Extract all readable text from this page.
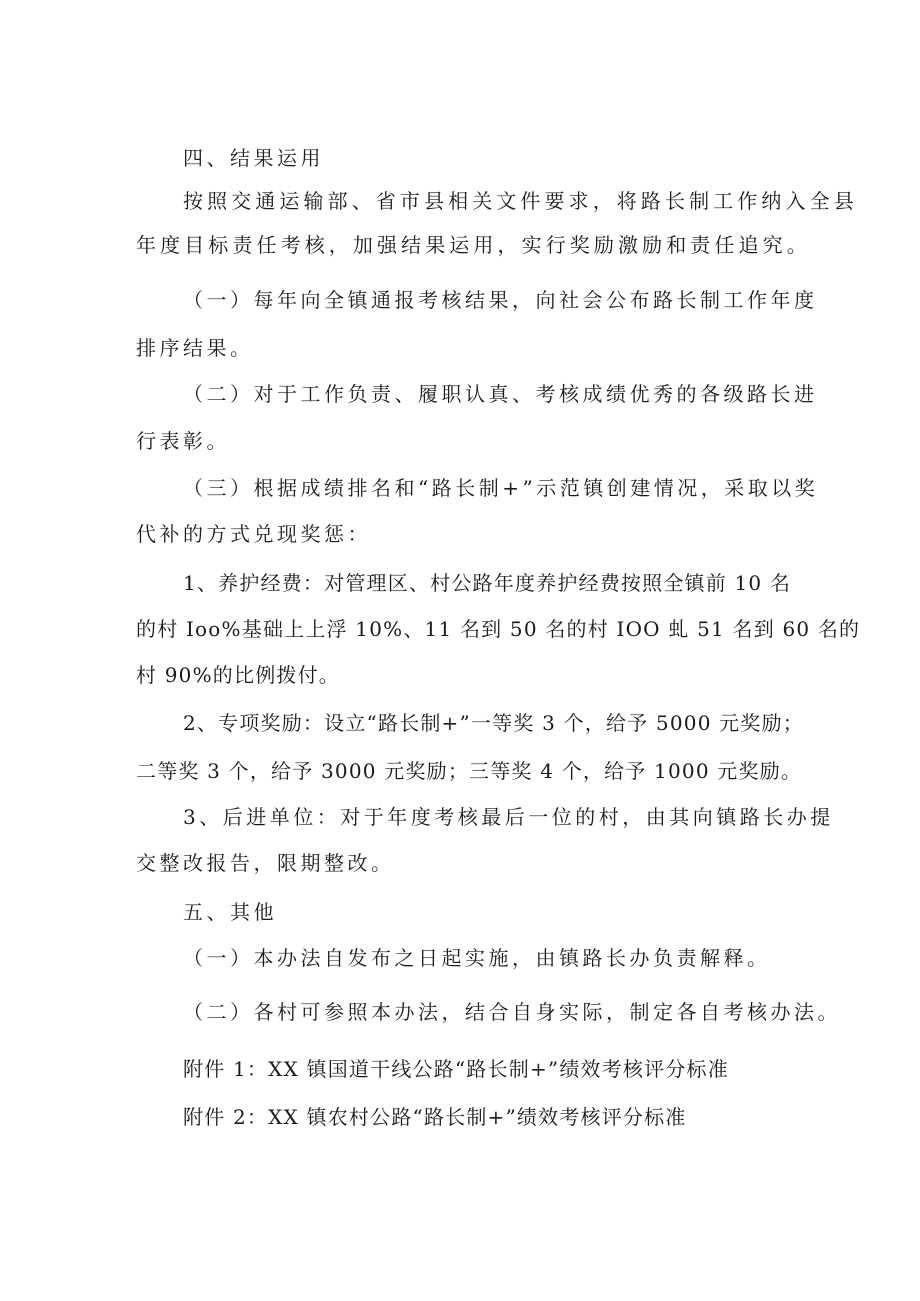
四、结果运用
按照交通运输部、省市县相关文件要求，将路长制工作纳入全县
年度目标责任考核，加强结果运用，实行奖励激励和责任追究。
（一）每年向全镇通报考核结果，向社会公布路长制工作年度
排序结果。
（二）对于工作负责、履职认真、考核成绩优秀的各级路长进
行表彰。
（三）根据成绩排名和“路长制+”示范镇创建情况，采取以奖
代补的方式兑现奖惩：
1、养护经费：对管理区、村公路年度养护经费按照全镇前 10 名
的村 Ioo%基础上上浮 10%、11 名到 50 名的村 IOO 虬 51 名到 60 名的
村 90%的比例拨付。
2、专项奖励：设立“路长制+”一等奖 3 个，给予 5000 元奖励；
二等奖 3 个，给予 3000 元奖励；三等奖 4 个，给予 1000 元奖励。
3、后进单位：对于年度考核最后一位的村，由其向镇路长办提
交整改报告，限期整改。
五、其他
（一）本办法自发布之日起实施，由镇路长办负责解释。
（二）各村可参照本办法，结合自身实际，制定各自考核办法。
附件 1：XX 镇国道干线公路“路长制+”绩效考核评分标准
附件 2：XX 镇农村公路“路长制+”绩效考核评分标准
